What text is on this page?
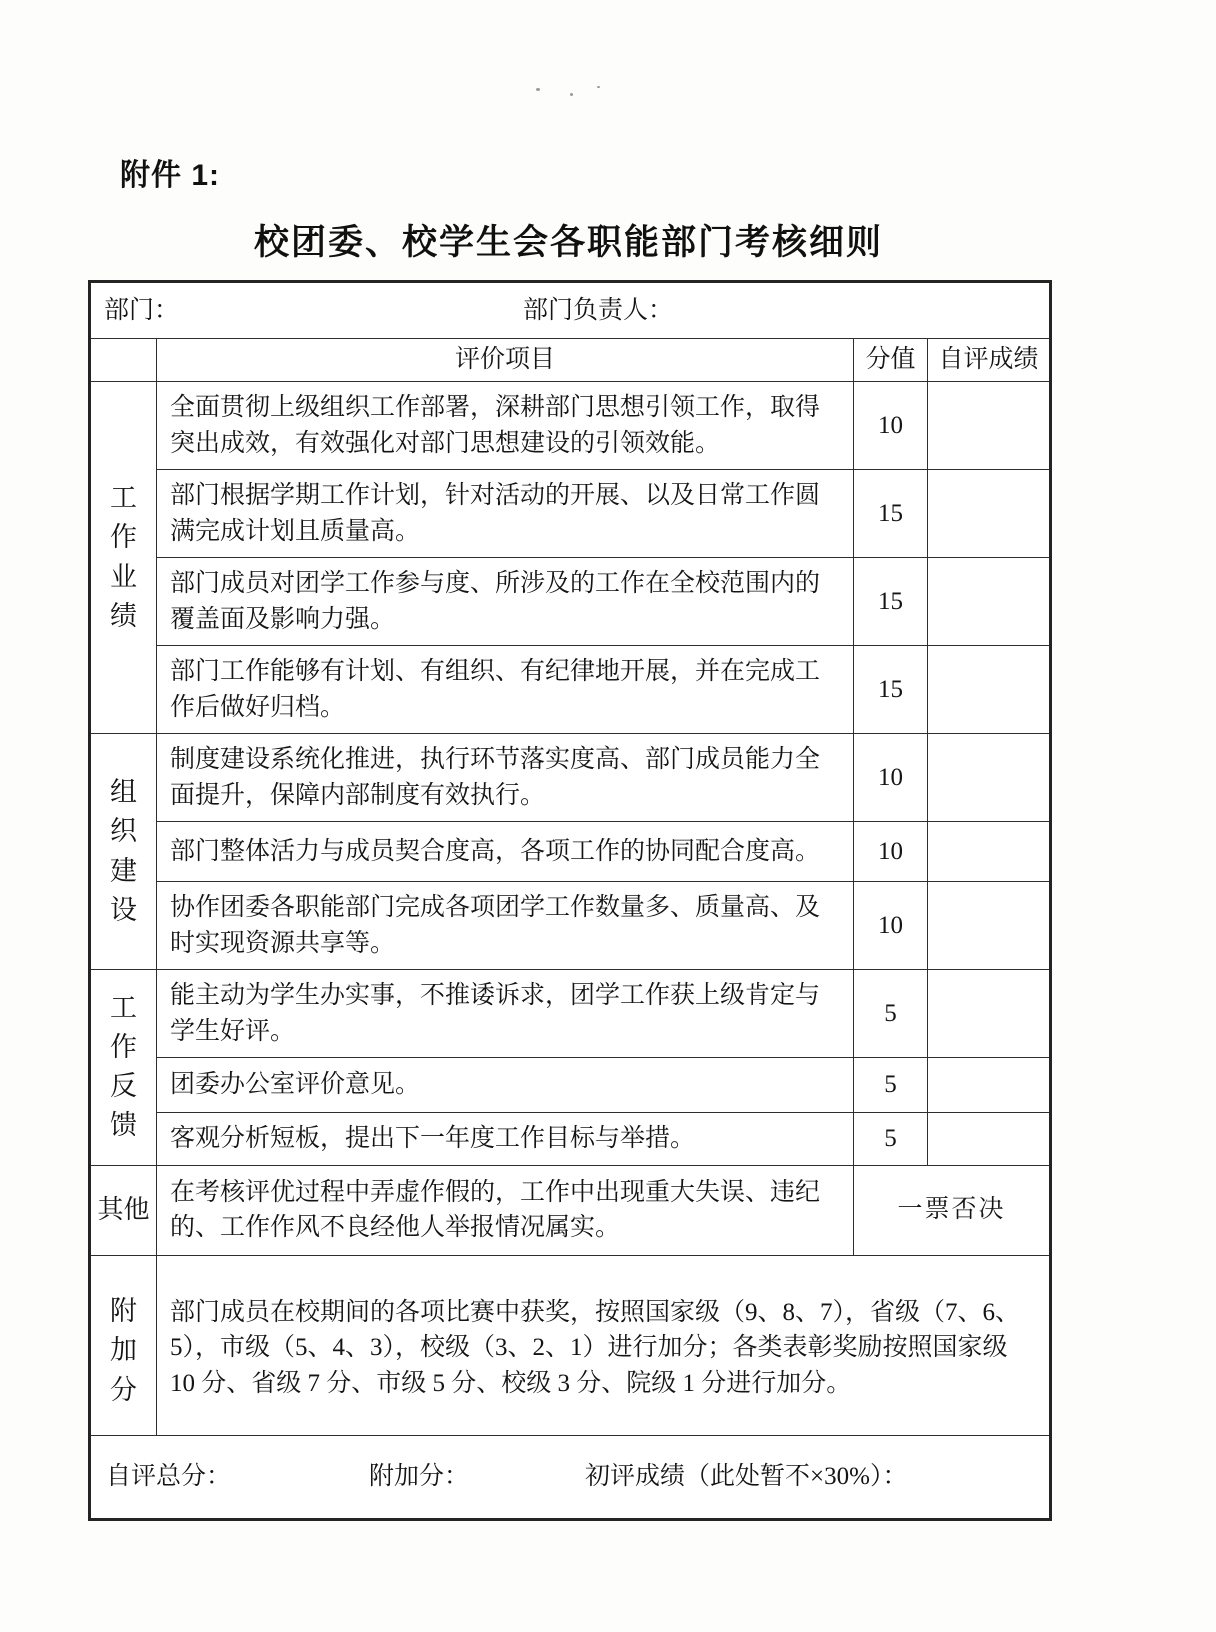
附件 1:
校团委、校学生会各职能部门考核细则
部门： 部门负责人：			

	评价项目	分值	自评成绩

工作业绩	全面贯彻上级组织工作部署，深耕部门思想引领工作，取得突出成效，有效强化对部门思想建设的引领效能。	10	
	部门根据学期工作计划，针对活动的开展、以及日常工作圆满完成计划且质量高。	15	
	部门成员对团学工作参与度、所涉及的工作在全校范围内的覆盖面及影响力强。	15	
	部门工作能够有计划、有组织、有纪律地开展，并在完成工作后做好归档。	15	

组织建设	制度建设系统化推进，执行环节落实度高、部门成员能力全面提升，保障内部制度有效执行。	10	
	部门整体活力与成员契合度高，各项工作的协同配合度高。	10	
	协作团委各职能部门完成各项团学工作数量多、质量高、及时实现资源共享等。	10	

工作反馈	能主动为学生办实事，不推诿诉求，团学工作获上级肯定与学生好评。	5	
	团委办公室评价意见。	5	
	客观分析短板，提出下一年度工作目标与举措。	5	

其他	在考核评优过程中弄虚作假的，工作中出现重大失误、违纪的、工作作风不良经他人举报情况属实。	一票否决	

附加分	部门成员在校期间的各项比赛中获奖，按照国家级（9、8、7），省级（7、6、5），市级（5、4、3），校级（3、2、1）进行加分；各类表彰奖励按照国家级 10 分、省级 7 分、市级 5 分、校级 3 分、院级 1 分进行加分。		

自评总分： 附加分： 初评成绩（此处暂不×30%）：			
